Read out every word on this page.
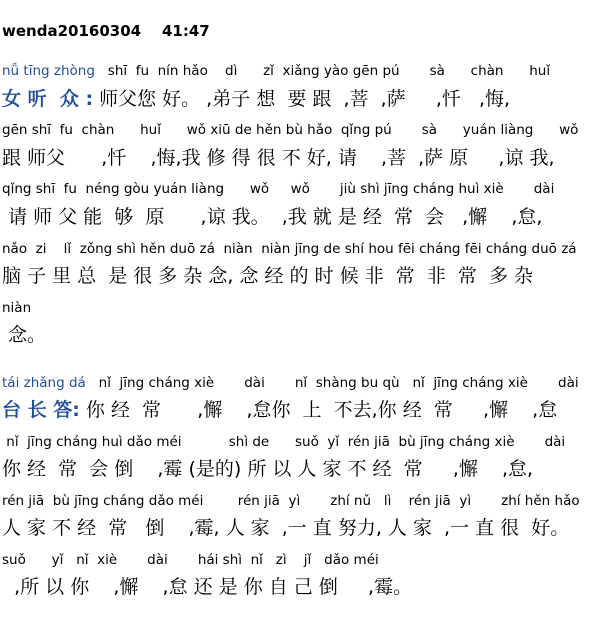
wenda20160304    41:47
nǚ tīng zhòng   shī  fu  nín hǎo    dì      zǐ  xiǎng yào gēn pú       sà      chàn      huǐ
女 听  众 : 师父您 好。 ,弟子 想  要 跟  ,菩  ,萨     ,忏   ,悔,
gēn shī  fu  chàn      huǐ      wǒ xiū de hěn bù hǎo  qǐng pú       sà      yuán liàng      wǒ
跟 师父      ,忏    ,悔,我 修 得 很 不 好, 请    ,菩  ,萨 原     ,谅 我,
qǐng shī  fu  néng gòu yuán liàng      wǒ     wǒ       jiù shì jīng cháng huì xiè       dài
请 师 父 能  够  原      ,谅 我。  ,我 就 是 经  常  会   ,懈    ,怠,
nǎo  zi    lǐ  zǒng shì hěn duō zá  niàn  niàn jīng de shí hou fēi cháng fēi cháng duō zá
脑 子 里 总  是 很 多 杂 念, 念 经 的 时 候 非  常  非  常  多 杂
niàn
念。
tái zhǎng dá   nǐ  jīng cháng xiè       dài       nǐ  shàng bu qù   nǐ  jīng cháng xiè       dài
台 长 答: 你 经  常      ,懈    ,怠你  上  不去,你 经  常     ,懈    ,怠
nǐ  jīng cháng huì dǎo méi           shì de      suǒ  yǐ  rén jiā  bù jīng cháng xiè       dài
你 经  常  会 倒    ,霉 (是的) 所 以 人 家 不 经  常     ,懈    ,怠,
rén jiā  bù jīng cháng dǎo méi        rén jiā  yì       zhí nǔ   lì    rén jiā  yì       zhí hěn hǎo
人 家 不 经  常   倒    ,霉, 人 家  ,一 直 努力, 人 家  ,一 直 很  好。
suǒ      yǐ   nǐ  xiè       dài       hái shì  nǐ   zì    jǐ   dǎo méi
,所 以 你    ,懈    ,怠 还 是 你 自 己 倒     ,霉。
